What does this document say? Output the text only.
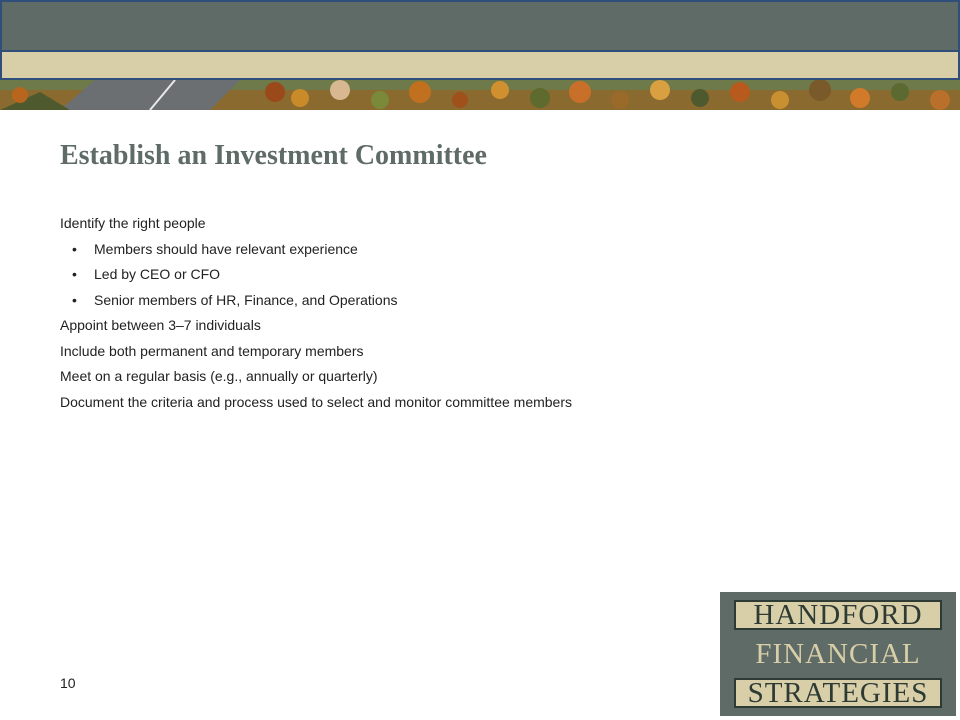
Establish an Investment Committee
Identify the right people
• Members should have relevant experience
• Led by CEO or CFO
• Senior members of HR, Finance, and Operations
Appoint between 3–7 individuals
Include both permanent and temporary members
Meet on a regular basis (e.g., annually or quarterly)
Document the criteria and process used to select and monitor committee members
10
HANDFORD
FINANCIAL
STRATEGIES
